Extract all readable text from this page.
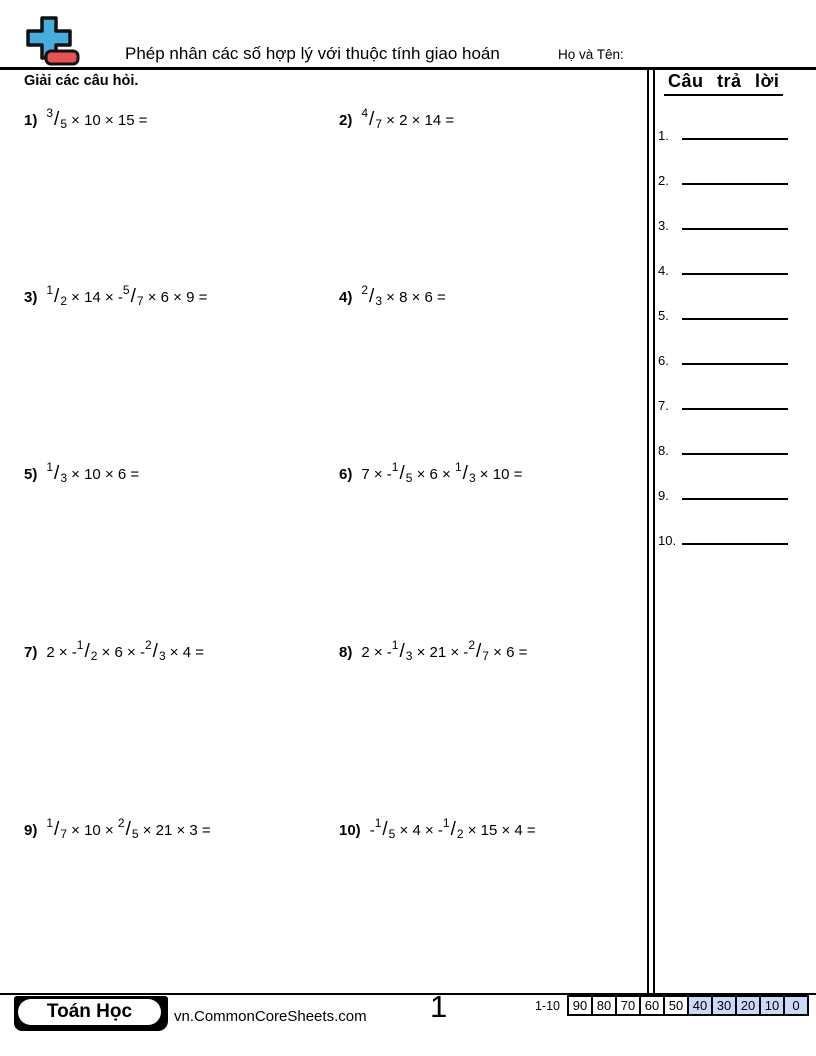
Phép nhân các số hợp lý với thuộc tính giao hoán	Họ và Tên:
Giải các câu hỏi.
1) $^3/_5 \times 10 \times 15$ =	2) $^4/_7 \times 2 \times 14$ =
3) $^1/_2 \times 14 \times -^5/_7 \times 6 \times 9$ =	4) $^2/_3 \times 8 \times 6$ =
5) $^1/_3 \times 10 \times 6$ =	6) $7 \times -^1/_5 \times 6 \times ^1/_3 \times 10$ =
7) $2 \times -^1/_2 \times 6 \times -^2/_3 \times 4$ =	8) $2 \times -^1/_3 \times 21 \times -^2/_7 \times 6$ =
9) $^1/_7 \times 10 \times ^2/_5 \times 21 \times 3$ =	10) $-^1/_5 \times 4 \times -^1/_2 \times 15 \times 4$ =
Câu trả lời
1.
2.
3.
4.
5.
6.
7.
8.
9.
10.
Toán Học	vn.CommonCoreSheets.com 1	1-10 90 80 70 60 50 40 30 20 10	0
